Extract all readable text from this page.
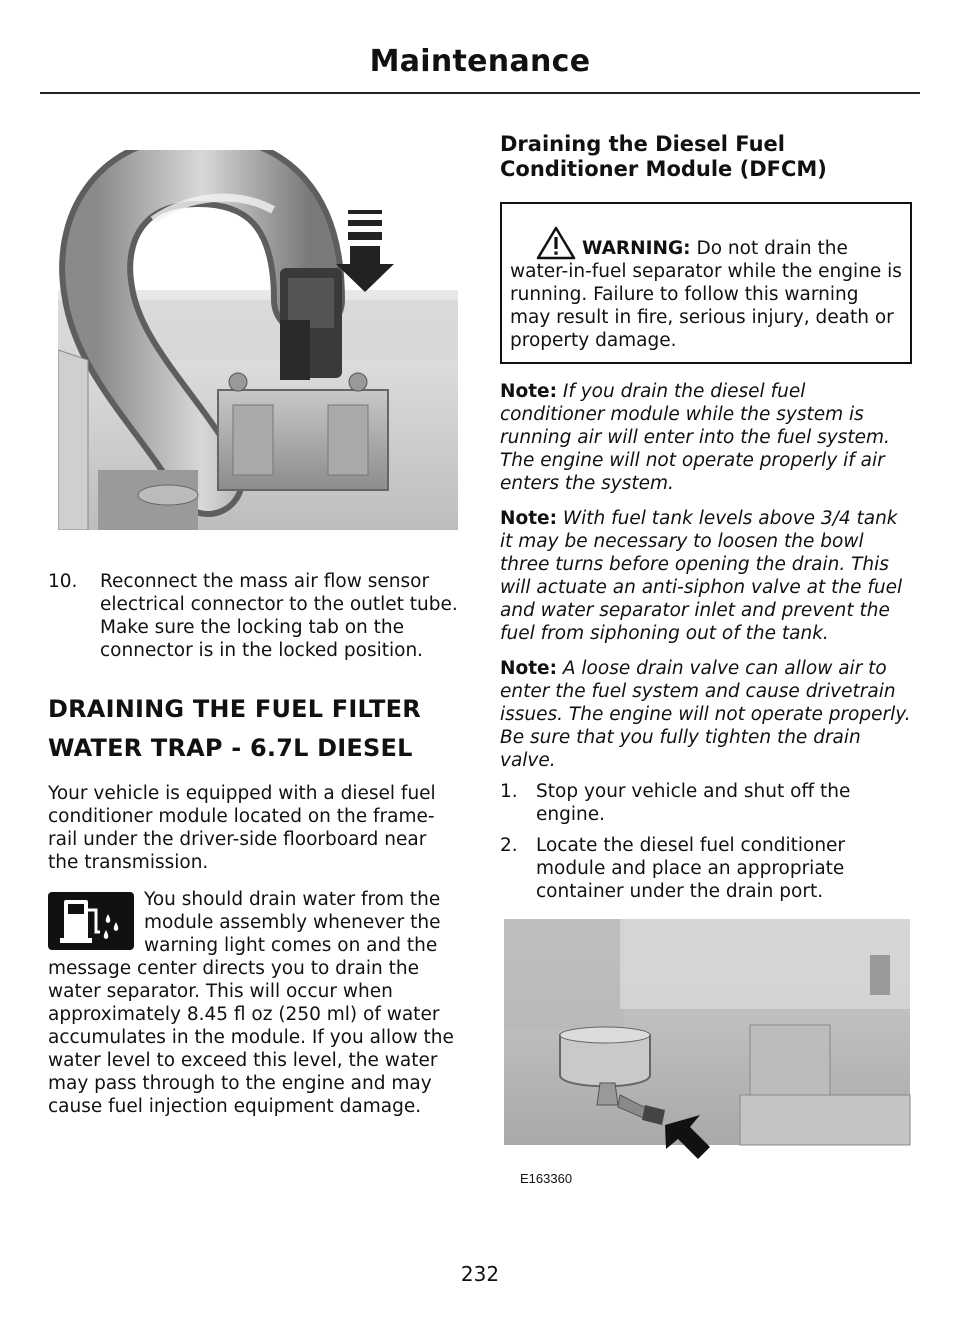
Maintenance
10.	Reconnect the mass air flow sensor electrical connector to the outlet tube. Make sure the locking tab on the connector is in the locked position.
DRAINING THE FUEL FILTER
WATER TRAP - 6.7L DIESEL
Your vehicle is equipped with a diesel fuel conditioner module located on the frame-rail under the driver-side floorboard near the transmission.
You should drain water from the module assembly whenever the warning light comes on and the message center directs you to drain the water separator. This will occur when approximately 8.45 fl oz (250 ml) of water accumulates in the module. If you allow the water level to exceed this level, the water may pass through to the engine and may cause fuel injection equipment damage.
Draining the Diesel Fuel
Conditioner Module (DFCM)
WARNING: Do not drain the water-in-fuel separator while the engine is running. Failure to follow this warning may result in fire, serious injury, death or property damage.
Note: If you drain the diesel fuel conditioner module while the system is running air will enter into the fuel system. The engine will not operate properly if air enters the system.
Note: With fuel tank levels above 3/4 tank it may be necessary to loosen the bowl three turns before opening the drain. This will actuate an anti-siphon valve at the fuel and water separator inlet and prevent the fuel from siphoning out of the tank.
Note: A loose drain valve can allow air to enter the fuel system and cause drivetrain issues. The engine will not operate properly. Be sure that you fully tighten the drain valve.
1. Stop your vehicle and shut off the engine.
2. Locate the diesel fuel conditioner module and place an appropriate container under the drain port.
E163360
232
